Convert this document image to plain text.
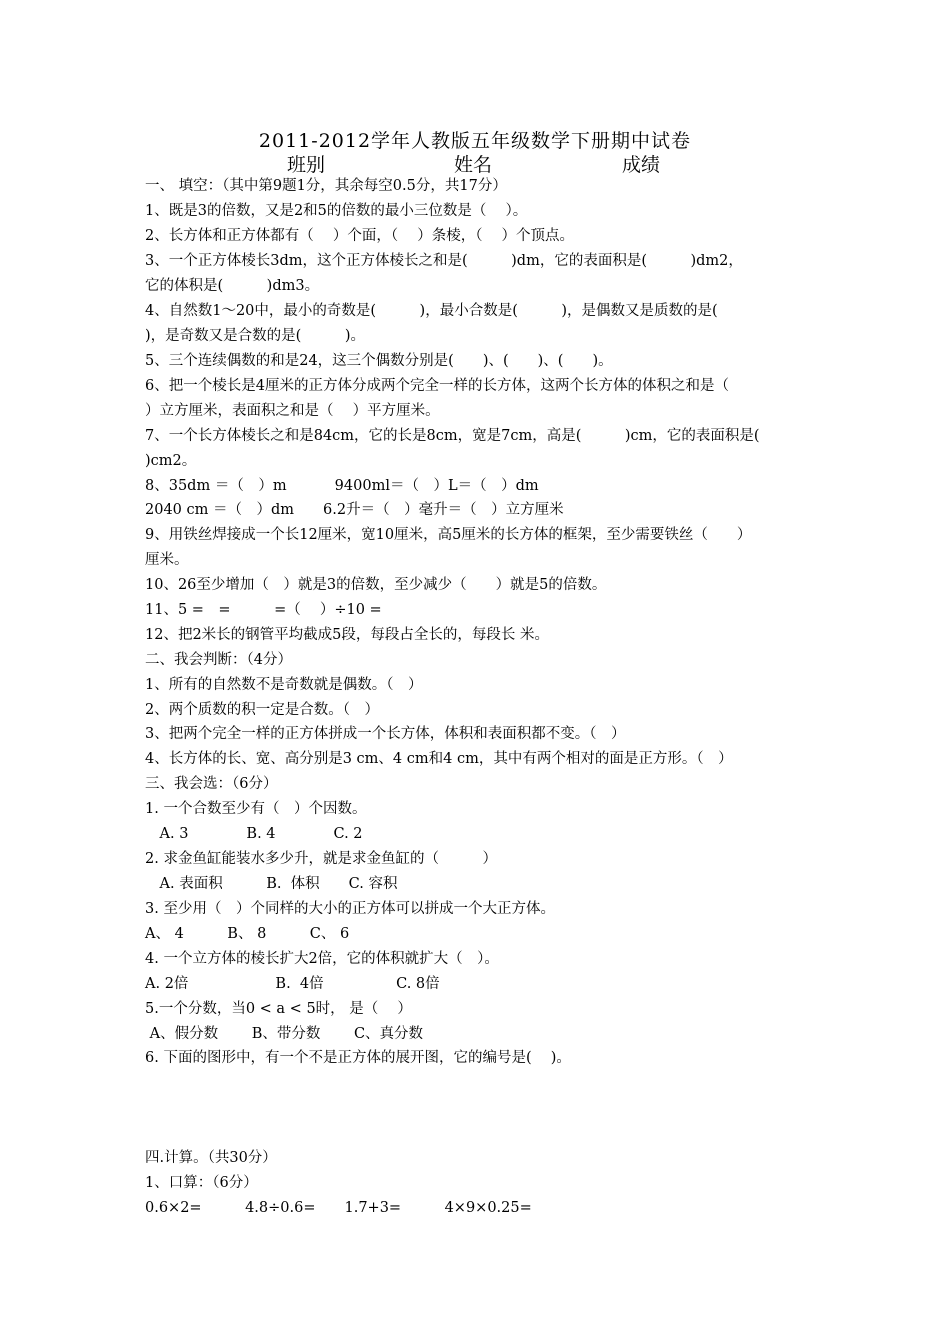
2011-2012学年人教版五年级数学下册期中试卷
班别	姓名	成绩
一、 填空：（其中第9题1分，其余每空0.5分，共17分）
1、既是3的倍数，又是2和5的倍数的最小三位数是（　 ）。
2、长方体和正方体都有（　 ）个面，（　 ）条棱，（　 ）个顶点。
3、一个正方体棱长3dm，这个正方体棱长之和是(　　　)dm，它的表面积是(　　　)dm2，
它的体积是(　　　)dm3。
4、自然数1～20中，最小的奇数是(　　　)，最小合数是(　　　)，是偶数又是质数的是(
)，是奇数又是合数的是(　　　)。
5、三个连续偶数的和是24，这三个偶数分别是(　　)、(　　)、(　　)。
6、把一个棱长是4厘米的正方体分成两个完全一样的长方体，这两个长方体的体积之和是（
）立方厘米，表面积之和是（　 ）平方厘米。
7、一个长方体棱长之和是84cm，它的长是8cm，宽是7cm，高是(　　　)cm，它的表面积是(
)cm2。
8、35dm ＝（　）m　　　 9400ml＝（　）L＝（　）dm
2040 cm ＝（　）dm　　6.2升＝（　）毫升＝（　）立方厘米
9、用铁丝焊接成一个长12厘米，宽10厘米，高5厘米的长方体的框架，至少需要铁丝（　　）
厘米。
10、26至少增加（　）就是3的倍数，至少减少（　　）就是5的倍数。
11、5 =　=　　　=（　 ）÷10 =
12、把2米长的钢管平均截成5段，每段占全长的，每段长 米。
二、我会判断：（4分）
1、所有的自然数不是奇数就是偶数。（　）
2、两个质数的积一定是合数。（　）
3、把两个完全一样的正方体拼成一个长方体，体积和表面积都不变。（　）
4、长方体的长、宽、高分别是3 cm、4 cm和4 cm，其中有两个相对的面是正方形。（　）
三、我会选：（6分）
1. 一个合数至少有（　）个因数。
　A. 3　　　　B. 4　　　　C. 2
2. 求金鱼缸能装水多少升，就是求金鱼缸的（　　　）
　A. 表面积　　　B.  体积　　C. 容积
3. 至少用（　）个同样的大小的正方体可以拼成一个大正方体。
A、 4　　　B、 8　　　C、 6
4. 一个立方体的棱长扩大2倍，它的体积就扩大（　）。
A. 2倍　　　　　　B.  4倍　　　　　C. 8倍
5.一个分数，当0 < a < 5时， 是（　 ）
A、假分数　　 B、带分数　　 C、真分数
6. 下面的图形中，有一个不是正方体的展开图，它的编号是(　 )。
四.计算。（共30分）
1、口算：（6分）
0.6×2=　　　4.8÷0.6=　　1.7+3=　　　4×9×0.25=
